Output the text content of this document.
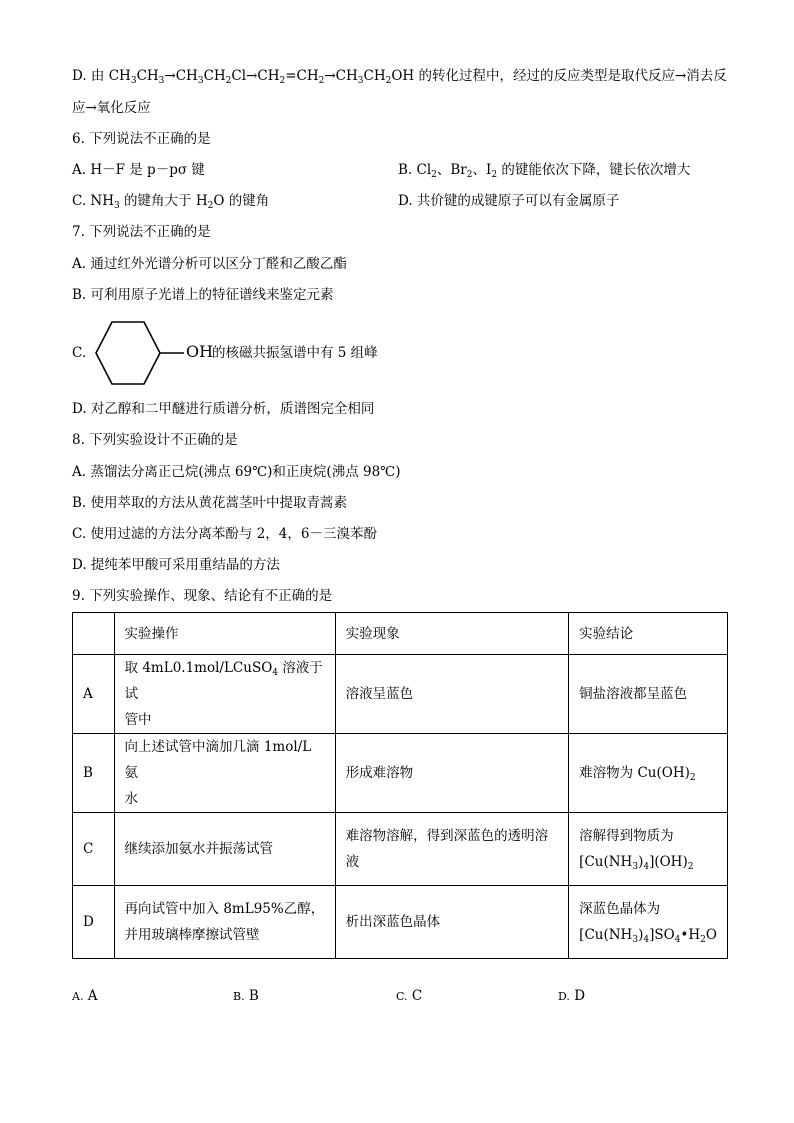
D. 由 $CH_3CH_3\to CH_3CH_2Cl\to CH_2=CH_2\to CH_3CH_2OH$ 的转化过程中，经过的反应类型是取代反应→消去反
应→氧化反应
6. 下列说法不正确的是
A. H－F 是 p－pσ 键	B. $Cl_2$、$Br_2$、$I_2$ 的键能依次下降，键长依次增大
C. $NH_3$ 的键角大于 $H_2O$ 的键角	D. 共价键的成键原子可以有金属原子
7. 下列说法不正确的是
A. 通过红外光谱分析可以区分丁醛和乙酸乙酯
B. 可利用原子光谱上的特征谱线来鉴定元素
C.	OH
的核磁共振氢谱中有 5 组峰
D. 对乙醇和二甲醚进行质谱分析，质谱图完全相同
8. 下列实验设计不正确的是
A. 蒸馏法分离正己烷(沸点 69℃)和正庚烷(沸点 98℃)
B. 使用萃取的方法从黄花蒿茎叶中提取青蒿素
C. 使用过滤的方法分离苯酚与 2，4，6－三溴苯酚
D. 提纯苯甲酸可采用重结晶的方法
9. 下列实验操作、现象、结论有不正确的是
	实验操作	实验现象	实验结论
A	取 4mL0.1mol/LCuSO$_4$ 溶液于试
管中	溶液呈蓝色	铜盐溶液都呈蓝色
B	向上述试管中滴加几滴 1mol/L 氨
水	形成难溶物	难溶物为 $Cu(OH)_2$
C	继续添加氨水并振荡试管	难溶物溶解，得到深蓝色的透明溶液	溶解得到物质为
$[Cu(NH_3)_4](OH)_2$
D	再向试管中加入 8mL95%乙醇，
并用玻璃棒摩擦试管壁	析出深蓝色晶体	深蓝色晶体为
$[Cu(NH_3)_4]SO_4•H_2O$
A. A	B. B	C. C	D. D
